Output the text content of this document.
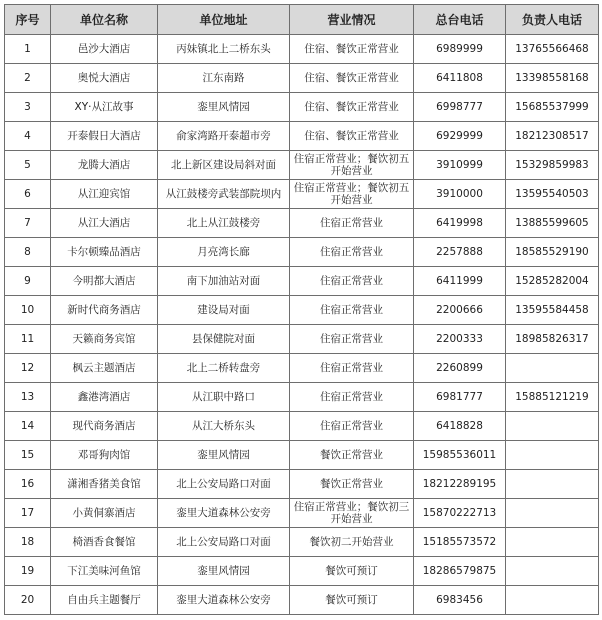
序号	单位名称	单位地址	营业情况	总台电话	负责人电话
1	邑沙大酒店	丙妹镇北上二桥东头	住宿、餐饮正常营业	6989999	13765566468
2	奥悦大酒店	江东南路	住宿、餐饮正常营业	6411808	13398558168
3	XY·从江故事	銮里风情园	住宿、餐饮正常营业	6998777	15685537999
4	开泰假日大酒店	俞家湾路开泰超市旁	住宿、餐饮正常营业	6929999	18212308517
5	龙腾大酒店	北上新区建设局斜对面	住宿正常营业；餐饮初五开始营业	3910999	15329859983
6	从江迎宾馆	从江鼓楼旁武装部院坝内	住宿正常营业；餐饮初五开始营业	3910000	13595540503
7	从江大酒店	北上从江鼓楼旁	住宿正常营业	6419998	13885599605
8	卡尔顿臻品酒店	月亮湾长廊	住宿正常营业	2257888	18585529190
9	今明都大酒店	南下加油站对面	住宿正常营业	6411999	15285282004
10	新时代商务酒店	建设局对面	住宿正常营业	2200666	13595584458
11	天籁商务宾馆	县保健院对面	住宿正常营业	2200333	18985826317
12	枫云主题酒店	北上二桥转盘旁	住宿正常营业	2260899	
13	鑫港湾酒店	从江职中路口	住宿正常营业	6981777	15885121219
14	现代商务酒店	从江大桥东头	住宿正常营业	6418828	
15	邓哥狗肉馆	銮里风情园	餐饮正常营业	15985536011	
16	潇湘香猪美食馆	北上公安局路口对面	餐饮正常营业	18212289195	
17	小黄侗寨酒店	銮里大道森林公安旁	住宿正常营业；餐饮初三开始营业	15870222713	
18	椅酒香食餐馆	北上公安局路口对面	餐饮初二开始营业	15185573572	
19	下江美味河鱼馆	銮里风情园	餐饮可预订	18286579875	
20	自由兵主题餐厅	銮里大道森林公安旁	餐饮可预订	6983456	
